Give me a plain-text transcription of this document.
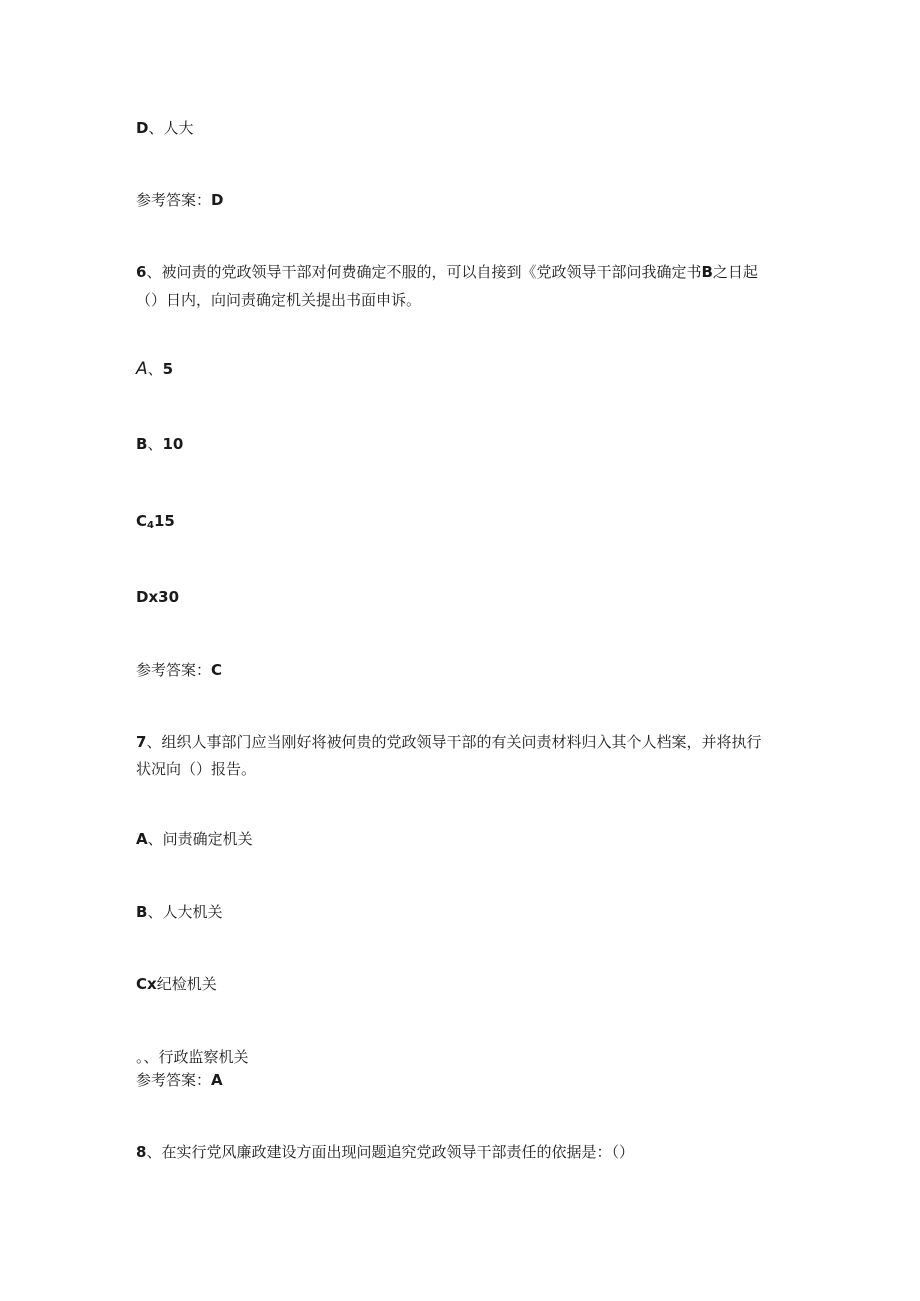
D、人大
参考答案：D
6、被问责的党政领导干部对何费确定不服的，可以自接到《党政领导干部问我确定书B之日起
（）日内，向问责确定机关提出书面申诉。
A、5
B、10
$C_415$
Dx30
参考答案：C
7、组织人事部门应当刚好将被何贵的党政领导干部的有关问责材料归入其个人档案，并将执行
状况向（）报告。
A、问责确定机关
B、人大机关
Cx纪检机关
。、行政监察机关
参考答案：A
8、在实行党风廉政建设方面出现问题追究党政领导干部责任的依据是：（）
